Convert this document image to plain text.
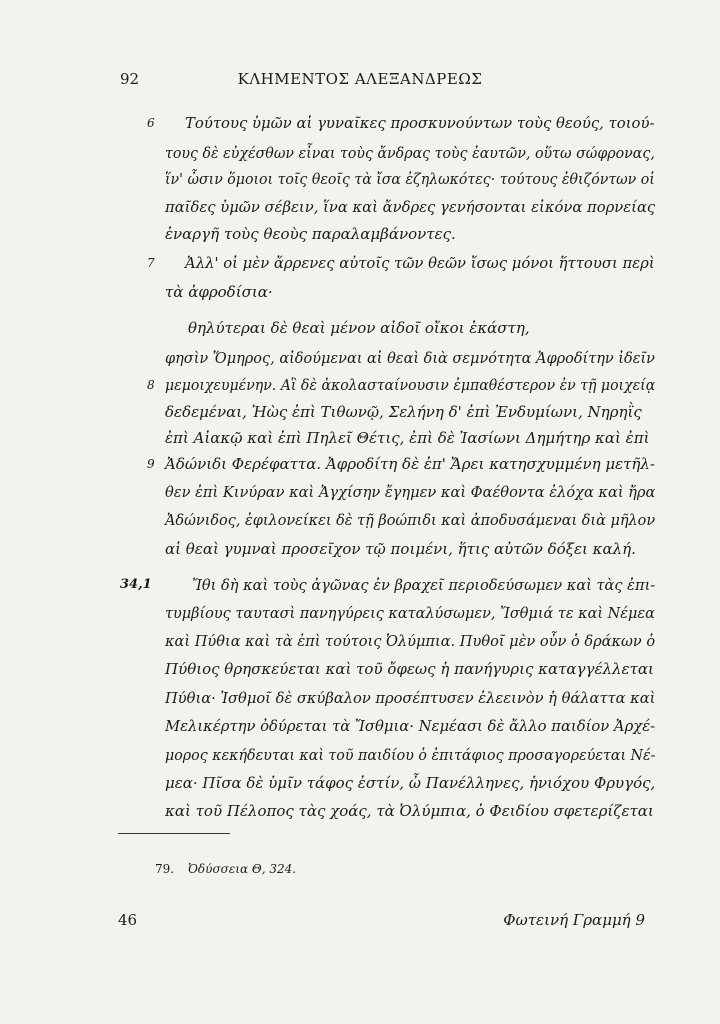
92	ΚΛΗΜΕΝΤΟΣ ΑΛΕΞΑΝΔΡΕΩΣ
6
7
8
9
34,1
Τούτους ὑμῶν αἱ γυναῖκες προσκυνούντων τοὺς θεούς, τοιού-
τους δὲ εὐχέσθων εἶναι τοὺς ἄνδρας τοὺς ἑαυτῶν, οὕτω σώφρονας,
ἵν' ὦσιν ὅμοιοι τοῖς θεοῖς τὰ ἴσα ἐζηλωκότες· τούτους ἐθιζόντων οἱ
παῖδες ὑμῶν σέβειν, ἵνα καὶ ἄνδρες γενήσονται εἰκόνα πορνείας
ἐναργῆ τοὺς θεοὺς παραλαμβάνοντες.
Ἀλλ' οἱ μὲν ἄρρενες αὐτοῖς τῶν θεῶν ἴσως μόνοι ἥττουσι περὶ
τὰ ἀφροδίσια·
θηλύτεραι δὲ θεαὶ μένον αἰδοῖ οἴκοι ἑκάστη,
φησὶν Ὅμηρος, αἰδούμεναι αἱ θεαὶ διὰ σεμνότητα Ἀφροδίτην ἰδεῖν
μεμοιχευμένην. Αἳ δὲ ἀκολασταίνουσιν ἐμπαθέστερον ἐν τῇ μοιχείᾳ
δεδεμέναι, Ἠὼς ἐπὶ Τιθωνῷ, Σελήνη δ' ἐπὶ Ἐνδυμίωνι, Νηρηῒς
ἐπὶ Αἰακῷ καὶ ἐπὶ Πηλεῖ Θέτις, ἐπὶ δὲ Ἰασίωνι Δημήτηρ καὶ ἐπὶ
Ἀδώνιδι Φερέφαττα. Ἀφροδίτη δὲ ἐπ' Ἄρει κατησχυμμένη μετῆλ-
θεν ἐπὶ Κινύραν καὶ Ἀγχίσην ἔγημεν καὶ Φαέθοντα ἐλόχα καὶ ἤρα
Ἀδώνιδος, ἐφιλονείκει δὲ τῇ βοώπιδι καὶ ἀποδυσάμεναι διὰ μῆλον
αἱ θεαὶ γυμναὶ προσεῖχον τῷ ποιμένι, ἥτις αὐτῶν δόξει καλή.
Ἴθι δὴ καὶ τοὺς ἀγῶνας ἐν βραχεῖ περιοδεύσωμεν καὶ τὰς ἐπι-
τυμβίους ταυτασὶ πανηγύρεις καταλύσωμεν, Ἴσθμιά τε καὶ Νέμεα
καὶ Πύθια καὶ τὰ ἐπὶ τούτοις Ὀλύμπια. Πυθοῖ μὲν οὖν ὁ δράκων ὁ
Πύθιος θρησκεύεται καὶ τοῦ ὄφεως ἡ πανήγυρις καταγγέλλεται
Πύθια· Ἰσθμοῖ δὲ σκύβαλον προσέπτυσεν ἐλεεινὸν ἡ θάλαττα καὶ
Μελικέρτην ὀδύρεται τὰ Ἴσθμια· Νεμέασι δὲ ἄλλο παιδίον Ἀρχέ-
μορος κεκήδευται καὶ τοῦ παιδίου ὁ ἐπιτάφιος προσαγορεύεται Νέ-
μεα· Πῖσα δὲ ὑμῖν τάφος ἐστίν, ὦ Πανέλληνες, ἡνιόχου Φρυγός,
καὶ τοῦ Πέλοπος τὰς χοάς, τὰ Ὀλύμπια, ὁ Φειδίου σφετερίζεται
79. Ὀδύσσεια Θ, 324.
46	Φωτεινή Γραμμή 9
